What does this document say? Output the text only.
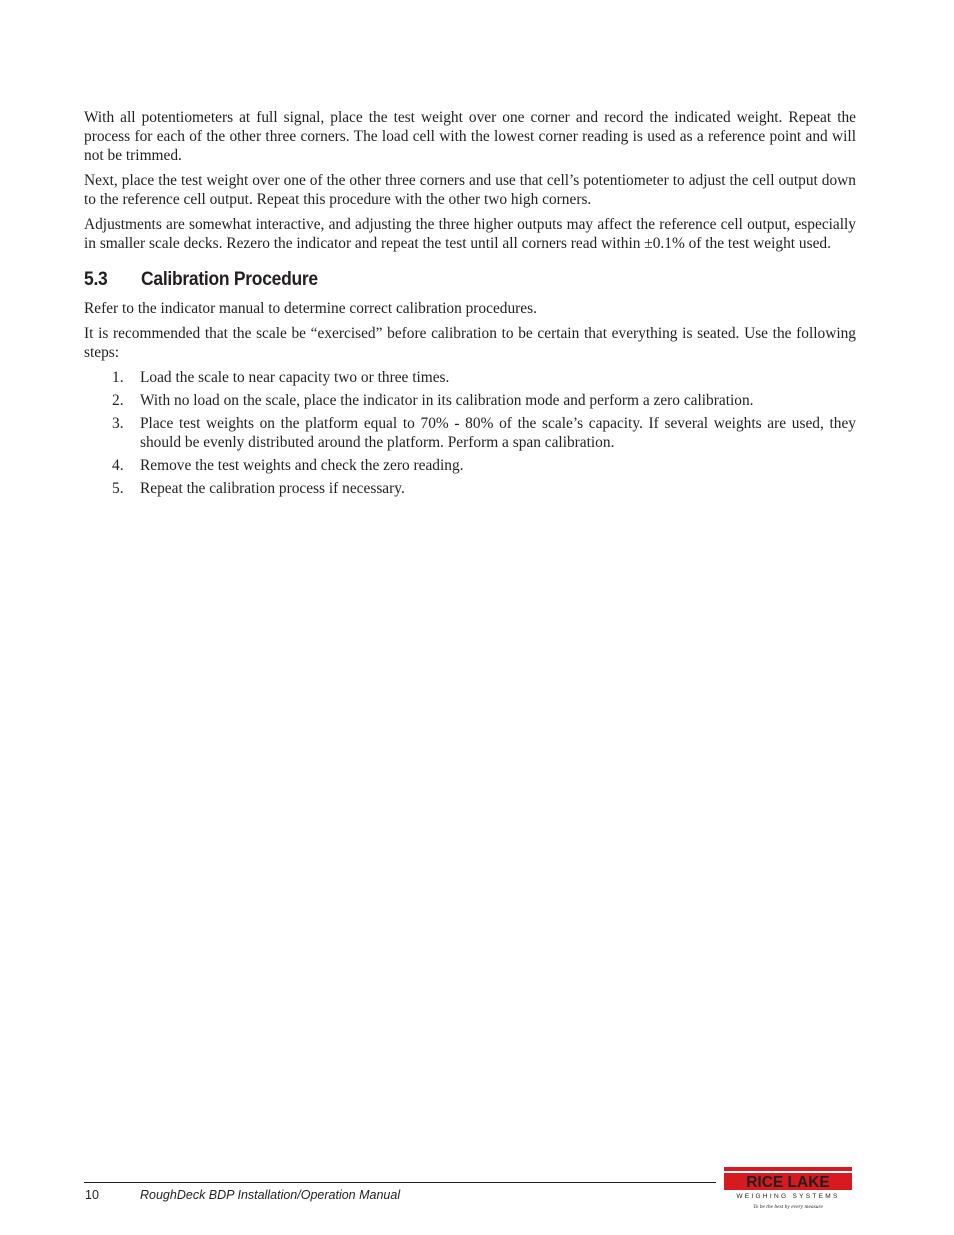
With all potentiometers at full signal, place the test weight over one corner and record the indicated weight. Repeat the process for each of the other three corners. The load cell with the lowest corner reading is used as a reference point and will not be trimmed.

Next, place the test weight over one of the other three corners and use that cell’s potentiometer to adjust the cell output down to the reference cell output. Repeat this procedure with the other two high corners.

Adjustments are somewhat interactive, and adjusting the three higher outputs may affect the reference cell output, especially in smaller scale decks. Rezero the indicator and repeat the test until all corners read within ±0.1% of the test weight used.

5.3 Calibration Procedure

Refer to the indicator manual to determine correct calibration procedures.

It is recommended that the scale be “exercised” before calibration to be certain that everything is seated. Use the following steps:

1. Load the scale to near capacity two or three times.
2. With no load on the scale, place the indicator in its calibration mode and perform a zero calibration.
3. Place test weights on the platform equal to 70% - 80% of the scale’s capacity. If several weights are used, they should be evenly distributed around the platform. Perform a span calibration.
4. Remove the test weights and check the zero reading.
5. Repeat the calibration process if necessary.
10	RoughDeck BDP Installation/Operation Manual
RICE LAKE
WEIGHING SYSTEMS
To be the best by every measure
